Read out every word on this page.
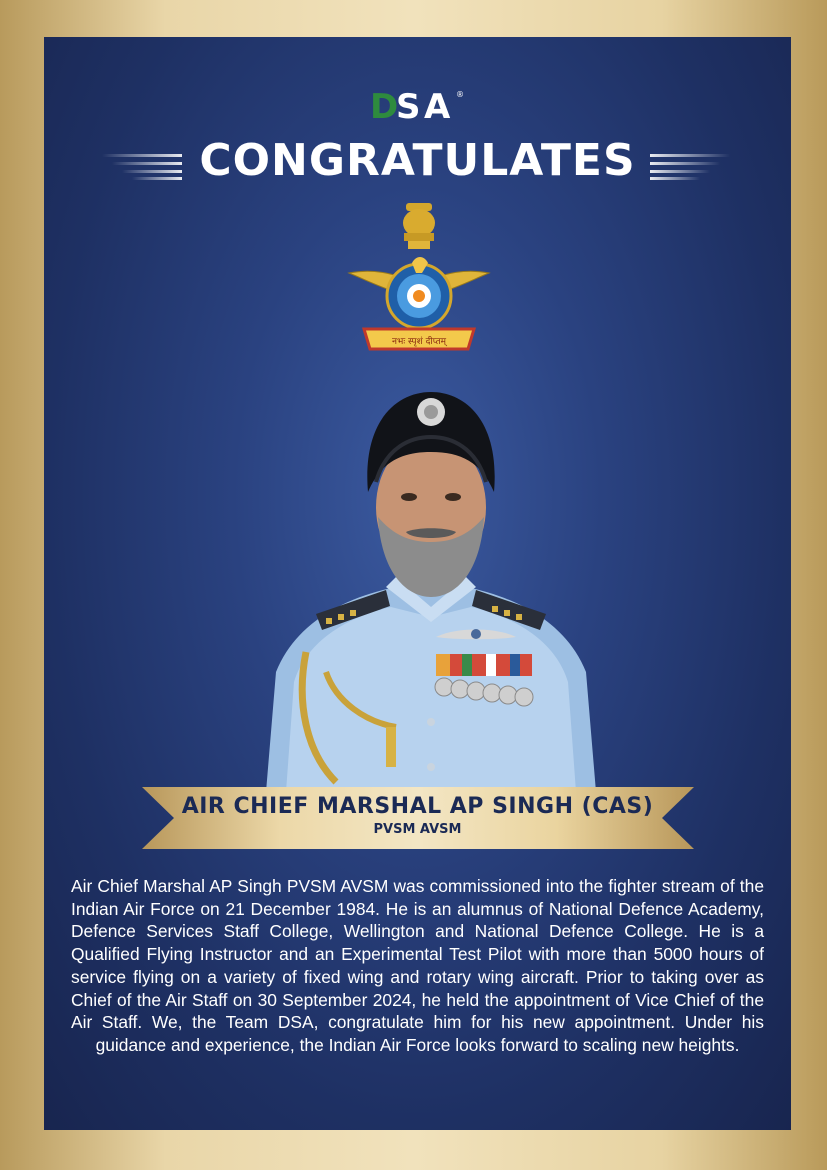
D
S A ®
CONGRATULATES
नभः स्पृशं दीप्तम्
AIR CHIEF MARSHAL AP SINGH (CAS)
PVSM AVSM
Air Chief Marshal AP Singh PVSM AVSM was commissioned into the fighter stream of the Indian Air Force on 21 December 1984. He is an alumnus of National Defence Academy, Defence Services Staff College, Wellington and National Defence College. He is a Qualified Flying Instructor and an Experimental Test Pilot with more than 5000 hours of service flying on a variety of fixed wing and rotary wing aircraft. Prior to taking over as Chief of the Air Staff on 30 September 2024, he held the appointment of Vice Chief of the Air Staff. We, the Team DSA, congratulate him for his new appointment. Under his guidance and experience, the Indian Air Force looks forward to scaling new heights.
